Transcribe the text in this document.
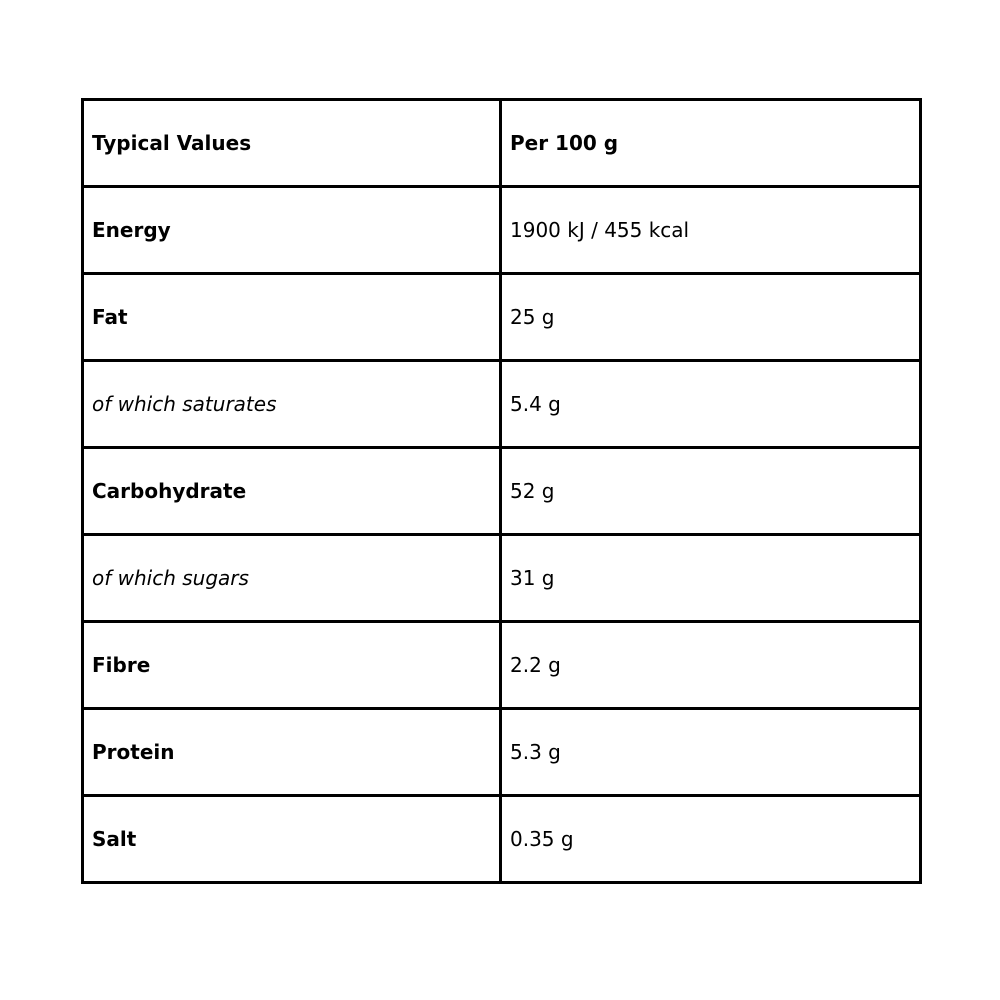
Typical Values	Per 100 g
Energy	1900 kJ / 455 kcal
Fat	25 g
of which saturates	5.4 g
Carbohydrate	52 g
of which sugars	31 g
Fibre	2.2 g
Protein	5.3 g
Salt	0.35 g
